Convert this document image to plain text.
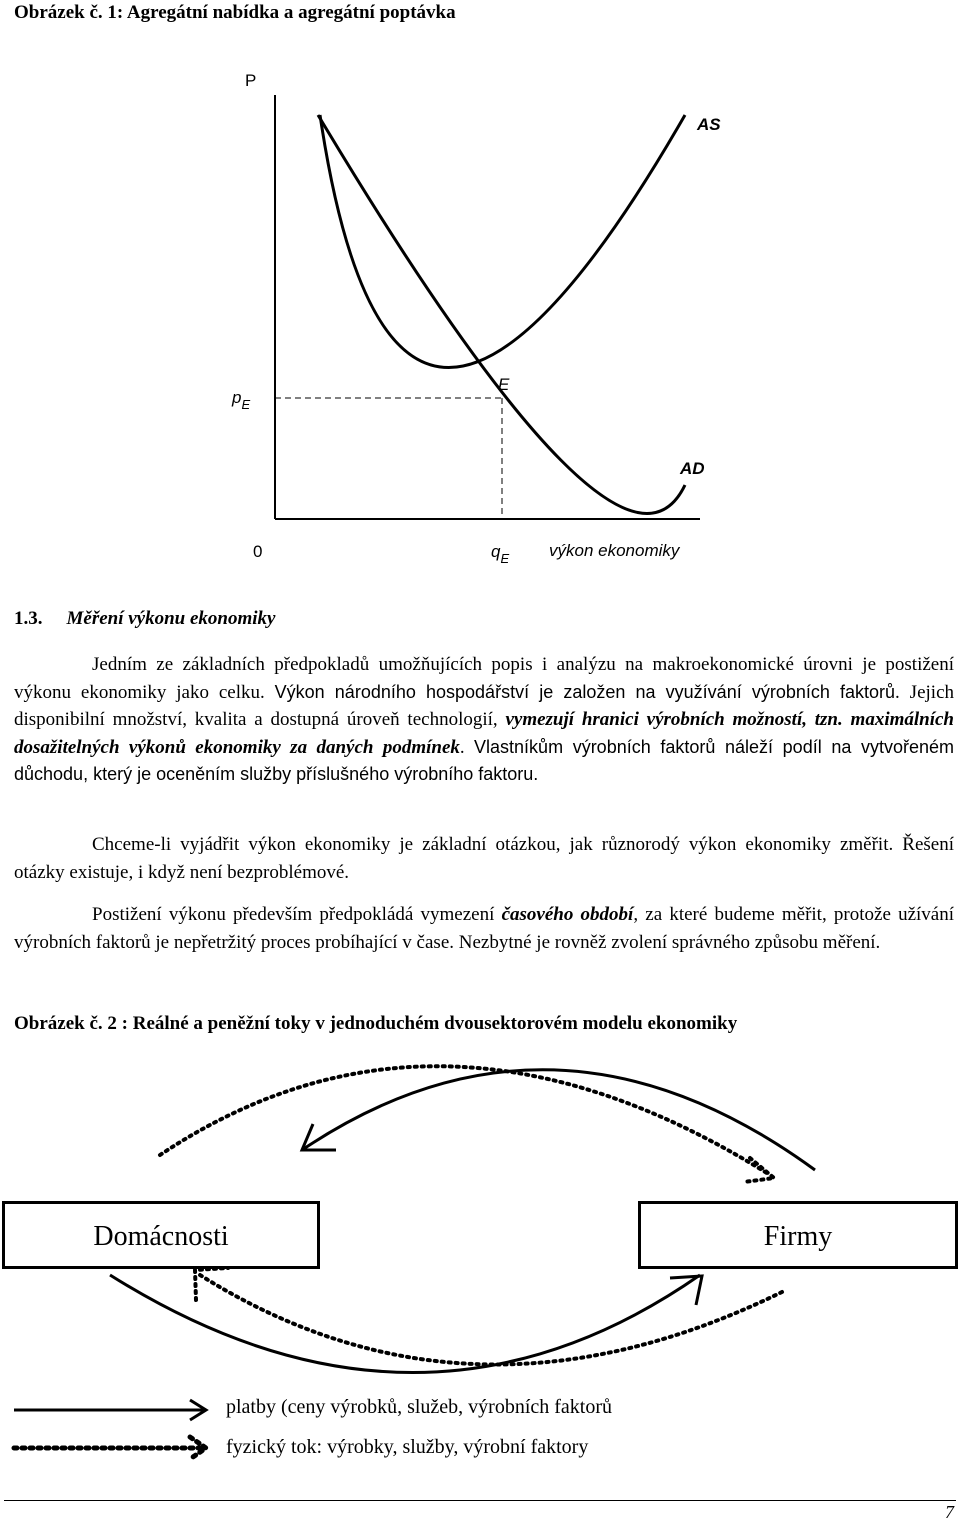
Obrázek č. 1: Agregátní nabídka a agregátní poptávka
P
AS
AD
E
$p_E$
0	$q_E$ výkon ekonomiky
1.3. Měření výkonu ekonomiky
Jedním ze základních předpokladů umožňujících popis i analýzu na makroekonomické úrovni je postižení výkonu ekonomiky jako celku. Výkon národního hospodářství je založen na využívání výrobních faktorů. Jejich disponibilní množství, kvalita a dostupná úroveň technologií, vymezují hranici výrobních možností, tzn. maximálních dosažitelných výkonů ekonomiky za daných podmínek. Vlastníkům výrobních faktorů náleží podíl na vytvořeném důchodu, který je oceněním služby příslušného výrobního faktoru.
Chceme-li vyjádřit výkon ekonomiky je základní otázkou, jak různorodý výkon ekonomiky změřit. Řešení otázky existuje, i když není bezproblémové.
Postižení výkonu především předpokládá vymezení časového období, za které budeme měřit, protože užívání výrobních faktorů je nepřetržitý proces probíhající v čase. Nezbytné je rovněž zvolení správného způsobu měření.
Obrázek č. 2 : Reálné a peněžní toky v jednoduchém dvousektorovém modelu ekonomiky
Domácnosti	Firmy
platby (ceny výrobků, služeb, výrobních faktorů
fyzický tok: výrobky, služby, výrobní faktory
7
